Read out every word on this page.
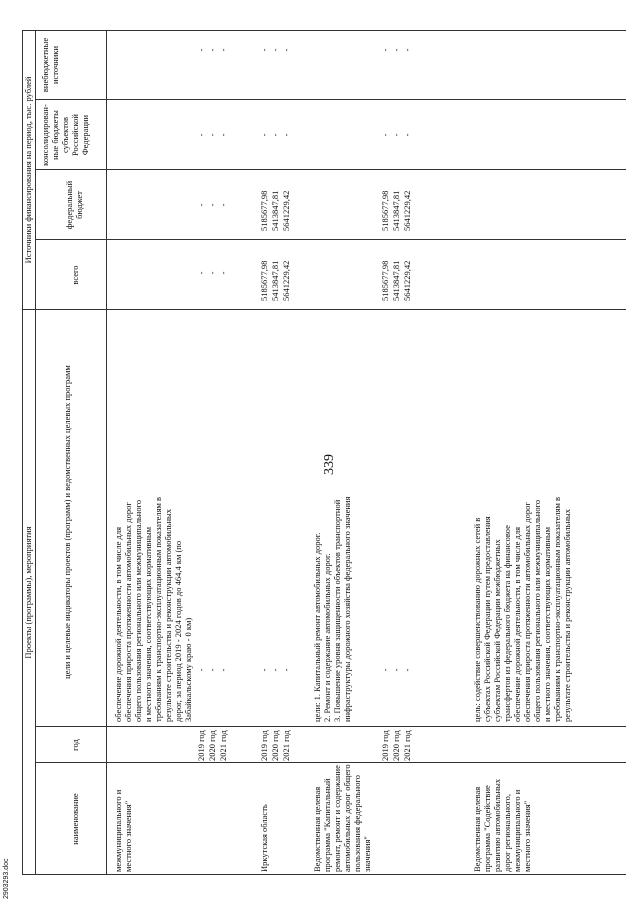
339
2903293.doc
Проекты (программы), мероприятия
Источники финансирования на период, тыс. рублей
наименование
год
цели и целевые индикаторы проектов (программ) и ведомственных целевых программ
всего
федеральный бюджет
консолидирован-ные бюджеты субъектов Российской Федерации
внебюджетные источники
межмуниципального и местного значения"
обеспечение дорожной деятельности, в том числе для обеспечения прироста протяженности автомобильных дорог общего пользования регионального или межмуниципального и местного значения, соответствующих нормативным требованиям к транспортно-эксплуатационным показателям в результате строительства и реконструкции автомобильных дорог, за период 2019 - 2024 годов до 464,4 км (по Забайкальскому краю - 0 км)
2019 год 2020 год 2021 год
- - -
- - -
- - -
- - -
- - -
Иркутская область
2019 год 2020 год 2021 год
- - -
5185677,98 5413847,81 5641229,42
5185677,98 5413847,81 5641229,42
- - -
- - -
Ведомственная целевая программа "Капитальный ремонт, ремонт и содержание автомобильных дорог общего пользования федерального значения"
цели: 1. Капитальный ремонт автомобильных дорог. 2. Ремонт и содержание автомобильных дорог. 3. Повышение уровня защищенности объектов транспортной инфраструктуры дорожного хозяйства федерального значения
2019 год 2020 год 2021 год
- - -
5185677,98 5413847,81 5641229,42
5185677,98 5413847,81 5641229,42
- - -
- - -
Ведомственная целевая программа "Содействие развитию автомобильных дорог регионального, межмуниципального и местного значения"
цель: содействие совершенствованию дорожных сетей в субъектах Российской Федерации путем предоставления субъектам Российской Федерации межбюджетных трансфертов из федерального бюджета на финансовое обеспечение дорожной деятельности, в том числе для обеспечения прироста протяженности автомобильных дорог общего пользования регионального или межмуниципального и местного значения, соответствующих нормативным требованиям к транспортно-эксплуатационным показателям в результате строительства и реконструкции автомобильных
